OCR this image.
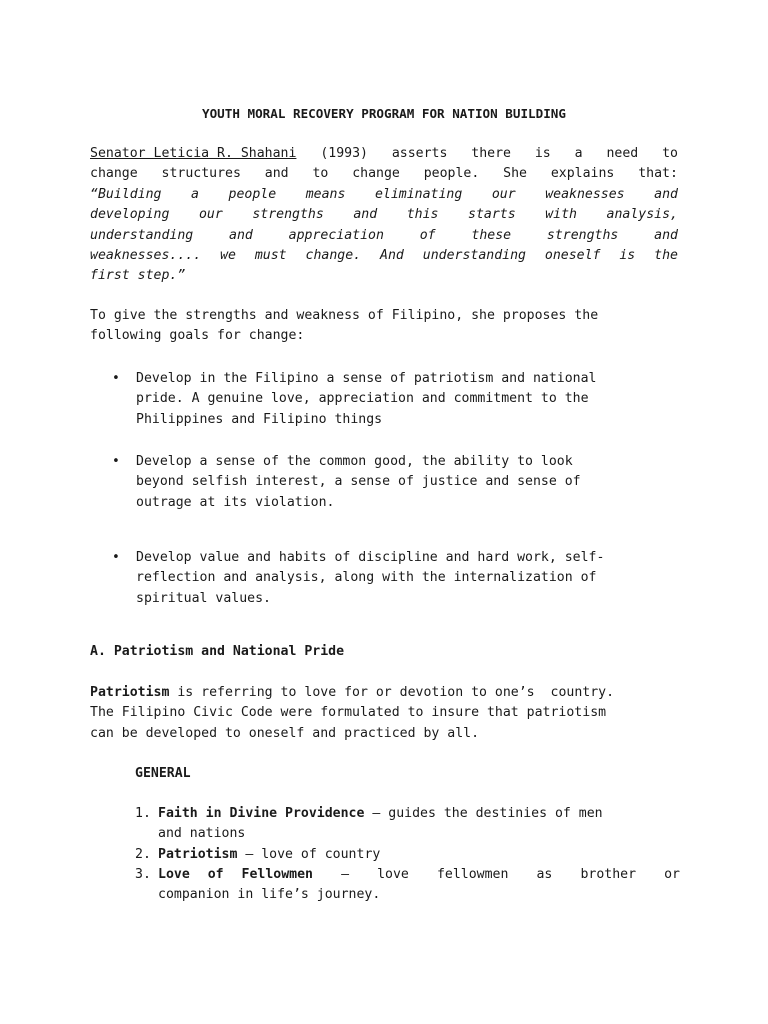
YOUTH MORAL RECOVERY PROGRAM FOR NATION BUILDING
Senator Leticia R. Shahani (1993) asserts there is a need to
change structures and to change people. She explains that:
“Building a people means eliminating our weaknesses and
developing our strengths and this starts with analysis,
understanding	and	appreciation	of	these	strengths	and
weaknesses.... we must change. And understanding oneself is the
first step.”
To give the strengths and weakness of Filipino, she proposes the
following goals for change:
• Develop in the Filipino a sense of patriotism and national
pride. A genuine love, appreciation and commitment to the
Philippines and Filipino things
• Develop a sense of the common good, the ability to look
beyond selfish interest, a sense of justice and sense of
outrage at its violation.
• Develop value and habits of discipline and hard work, self-
reflection and analysis, along with the internalization of
spiritual values.
A. Patriotism and National Pride
Patriotism is referring to love for or devotion to one’s  country.
The Filipino Civic Code were formulated to insure that patriotism
can be developed to oneself and practiced by all.
GENERAL
1. Faith in Divine Providence – guides the destinies of men
and nations
2. Patriotism – love of country
3. Love of Fellowmen – love fellowmen as brother or
companion in life’s journey.
